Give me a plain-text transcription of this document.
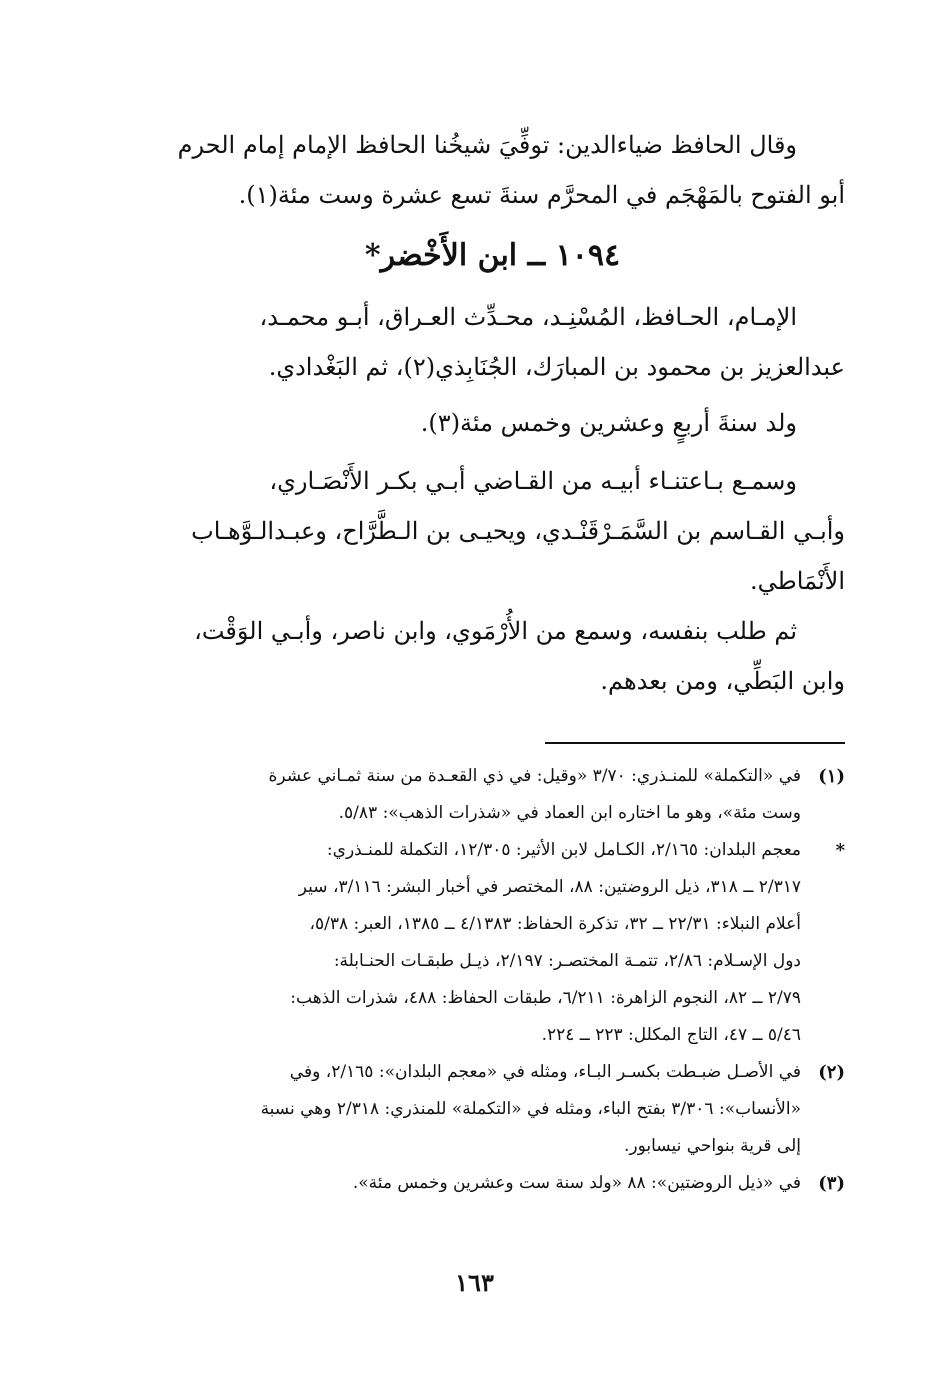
وقال الحافظ ضياءالدين: توفِّيَ شيخُنا الحافظ الإمام إمام الحرم
أبو الفتوح بالمَهْجَم في المحرَّم سنةَ تسع عشرة وست مئة(١).
١٠٩٤ ــ ابن الأَخْضر*
الإمـام، الحـافظ، المُسْنِـد، محـدِّث العـراق، أبـو محمـد،
عبدالعزيز بن محمود بن المبارَك، الجُنَابِذي(٢)، ثم البَغْدادي.
ولد سنةَ أربعٍ وعشرين وخمس مئة(٣).
وسمـع بـاعتنـاء أبيـه من القـاضي أبـي بكـر الأَنْصَـاري،
وأبـي القـاسم بن السَّمَـرْقَنْـدي، ويحيـى بن الـطَّرَّاح، وعبـدالـوَّهـاب
الأَنْمَاطي.
ثم طلب بنفسه، وسمع من الأُرْمَوي، وابن ناصر، وأبـي الوَقْت،
وابن البَطِّي، ومن بعدهم.
(١)
في «التكملة» للمنـذري: ٣/٧٠ «وقيل: في ذي القعـدة من سنة ثمـاني عشرة
وست مئة»، وهو ما اختاره ابن العماد في «شذرات الذهب»: ٥/٨٣.
*
معجم البلدان: ٢/١٦٥، الكـامل لابن الأثير: ١٢/٣٠٥، التكملة للمنـذري:
٢/٣١٧ ــ ٣١٨، ذيل الروضتين: ٨٨، المختصر في أخبار البشر: ٣/١١٦، سير
أعلام النبلاء: ٢٢/٣١ ــ ٣٢، تذكرة الحفاظ: ٤/١٣٨٣ ــ ١٣٨٥، العبر: ٥/٣٨،
دول الإسـلام: ٢/٨٦، تتمـة المختصـر: ٢/١٩٧، ذيـل طبقـات الحنـابلة:
٢/٧٩ ــ ٨٢، النجوم الزاهرة: ٦/٢١١، طبقات الحفاظ: ٤٨٨، شذرات الذهب:
٥/٤٦ ــ ٤٧، التاج المكلل: ٢٢٣ ــ ٢٢٤.
(٢)
في الأصـل ضبـطت بكسـر البـاء، ومثله في «معجم البلدان»: ٢/١٦٥، وفي
«الأنساب»: ٣/٣٠٦ بفتح الباء، ومثله في «التكملة» للمنذري: ٢/٣١٨ وهي نسبة
إلى قرية بنواحي نيسابور.
(٣)
في «ذيل الروضتين»: ٨٨ «ولد سنة ست وعشرين وخمس مئة».
١٦٣
